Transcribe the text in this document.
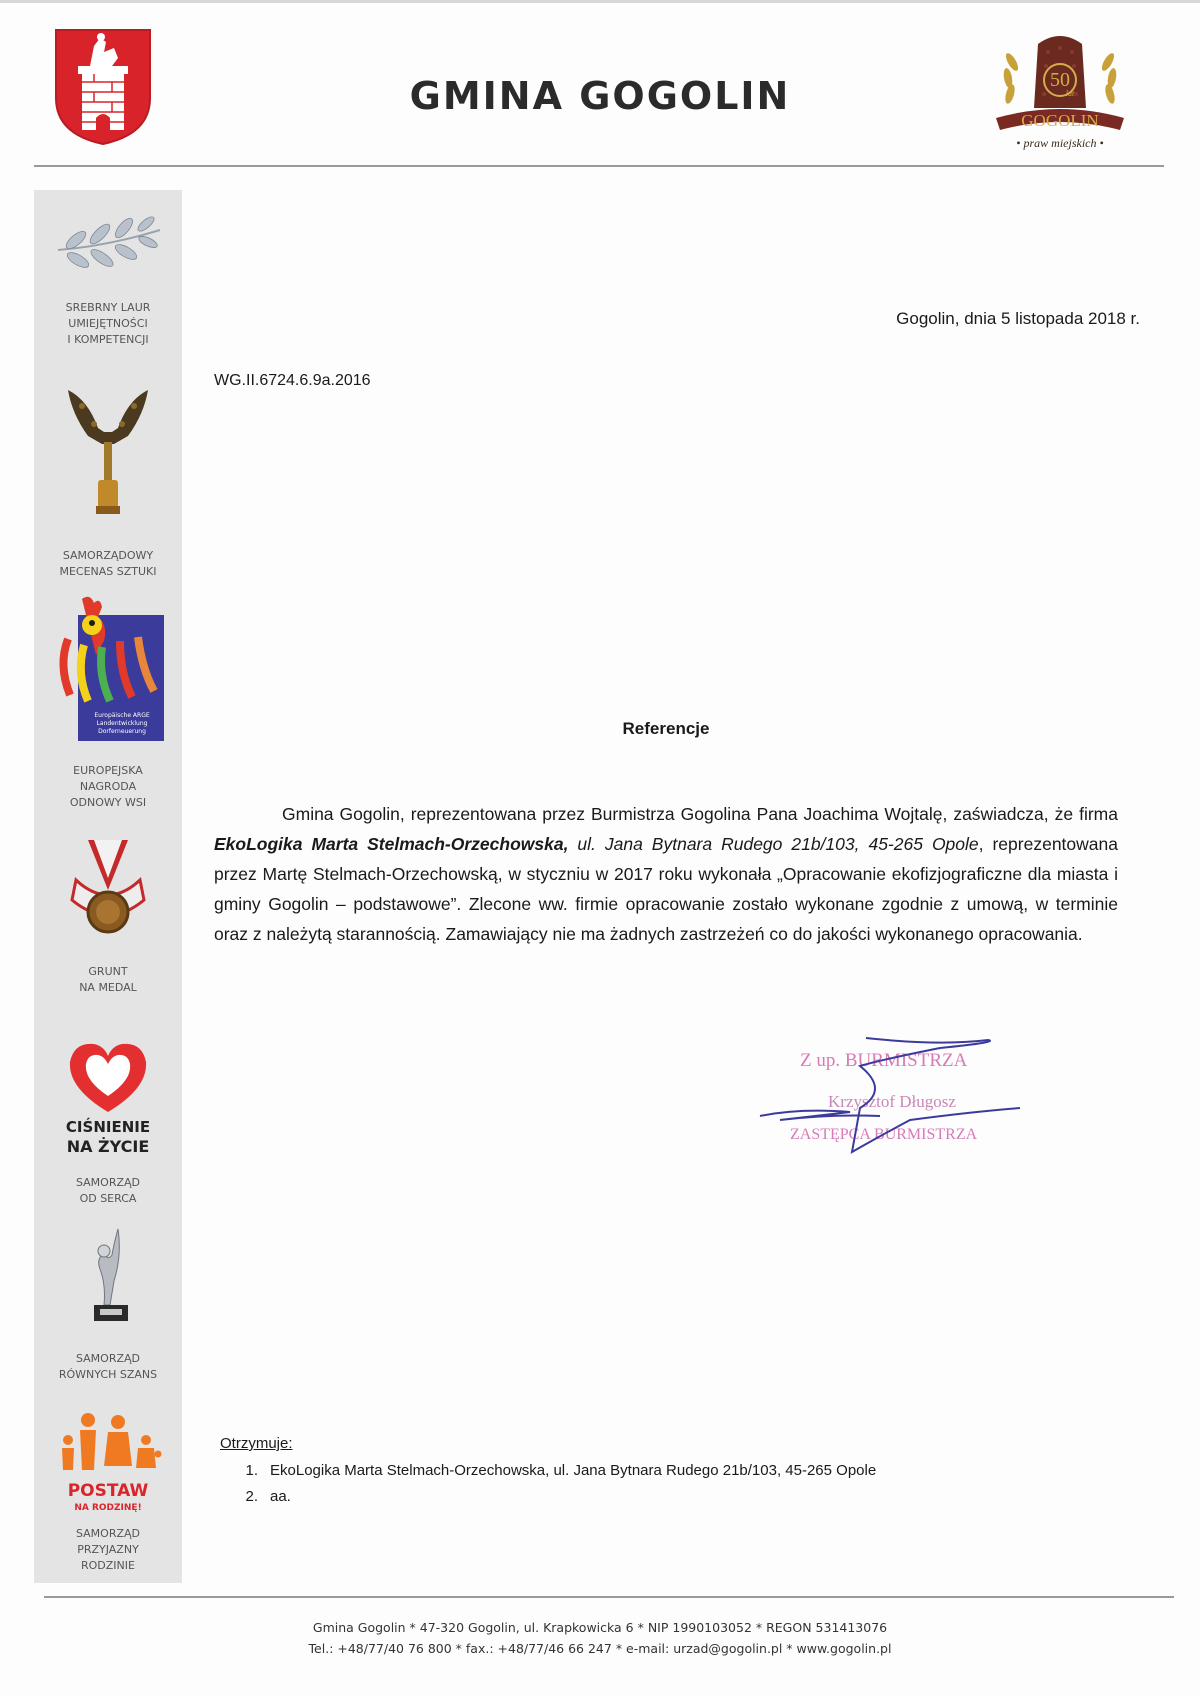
GMINA GOGOLIN	50
lat
GOGOLIN
• praw miejskich •
SREBRNY LAUR
UMIEJĘTNOŚCI
I KOMPETENCJI
SAMORZĄDOWY
MECENAS SZTUKI
Europäische ARGE
Landentwicklung
Dorferneuerung
EUROPEJSKA
NAGRODA
ODNOWY WSI
GRUNT
NA MEDAL
CIŚNIENIE
NA ŻYCIE
SAMORZĄD
OD SERCA
SAMORZĄD
RÓWNYCH SZANS
POSTAW
NA RODZINĘ!
SAMORZĄD
PRZYJAZNY
RODZINIE
Gogolin, dnia 5 listopada 2018 r.
WG.II.6724.6.9a.2016
Referencje
Gmina Gogolin, reprezentowana przez Burmistrza Gogolina Pana Joachima Wojtalę, zaświadcza, że firma EkoLogika Marta Stelmach-Orzechowska, ul. Jana Bytnara Rudego 21b/103, 45-265 Opole, reprezentowana przez Martę Stelmach-Orzechowską, w styczniu w 2017 roku wykonała „Opracowanie ekofizjograficzne dla miasta i gminy Gogolin – podstawowe”. Zlecone ww. firmie opracowanie zostało wykonane zgodnie z umową, w terminie oraz z należytą starannością. Zamawiający nie ma żadnych zastrzeżeń co do jakości wykonanego opracowania.
Z up. BURMISTRZA
Krzysztof Długosz
ZASTĘPCA BURMISTRZA
Otrzymuje:
1. EkoLogika Marta Stelmach-Orzechowska, ul. Jana Bytnara Rudego 21b/103, 45-265 Opole
2. aa.
Gmina Gogolin * 47-320 Gogolin, ul. Krapkowicka 6 * NIP 1990103052 * REGON 531413076
Tel.: +48/77/40 76 800 * fax.: +48/77/46 66 247 * e-mail: urzad@gogolin.pl * www.gogolin.pl
